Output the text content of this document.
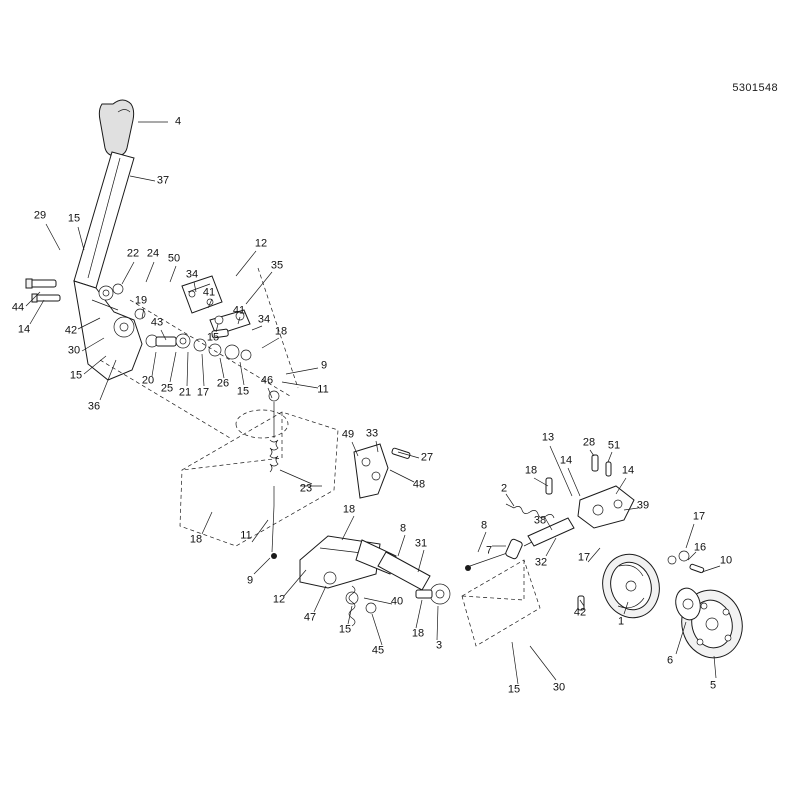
5301548
4
37
29 15
22 24 50
12
35
34
41
44
14
19
42
43
41
34
18
30
15	20
25 21 17
26
15
15
36
46
9
11
49 33
27
48
13	28 51
18
14
14
2
39
23
38	17
18	11
18
8	8
31
7
17
16
10
9
12
47
15
40
18
3
45
32
42
1
6
5
15	30
